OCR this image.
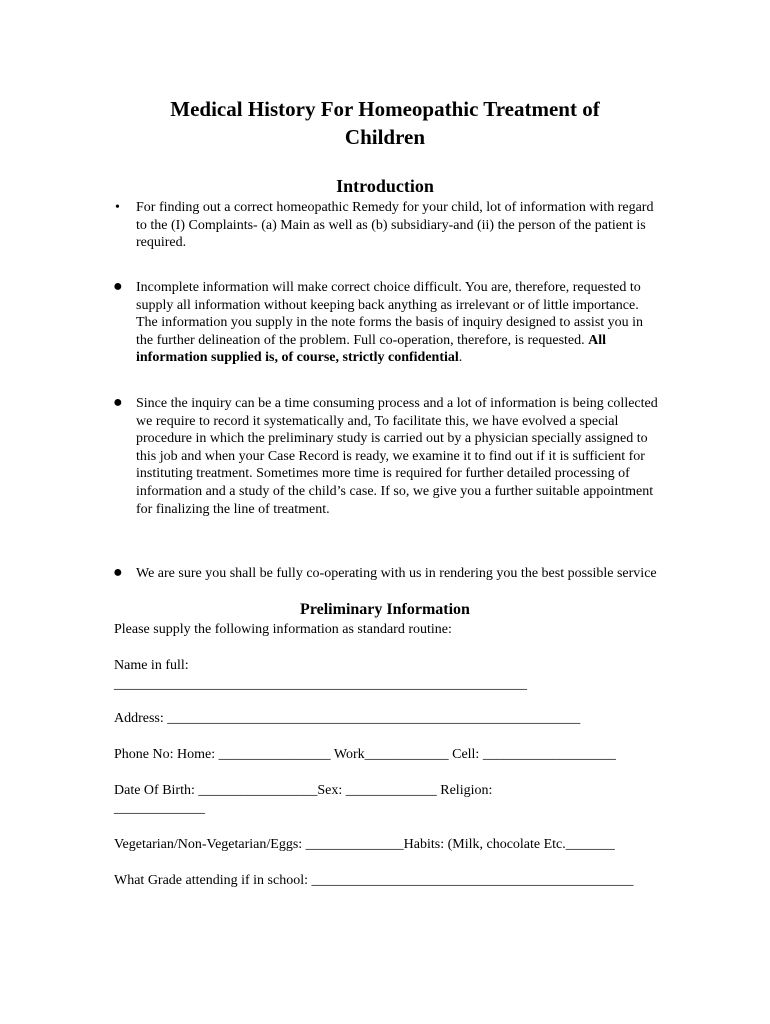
Medical History For Homeopathic Treatment of
Children
Introduction
• For finding out a correct homeopathic Remedy for your child, lot of information with regard to the (I) Complaints- (a) Main as well as (b) subsidiary-and (ii) the person of the patient is required.
● Incomplete information will make correct choice difficult. You are, therefore, requested to supply all information without keeping back anything as irrelevant or of little importance. The information you supply in the note forms the basis of inquiry designed to assist you in the further delineation of the problem. Full co-operation, therefore, is requested. All information supplied is, of course, strictly confidential.
● Since the inquiry can be a time consuming process and a lot of information is being collected we require to record it systematically and, To facilitate this, we have evolved a special procedure in which the preliminary study is carried out by a physician specially assigned to this job and when your Case Record is ready, we examine it to find out if it is sufficient for instituting treatment. Sometimes more time is required for further detailed processing of information and a study of the child’s case. If so, we give you a further suitable appointment for finalizing the line of treatment.
● We are sure you shall be fully co-operating with us in rendering you the best possible service
Preliminary Information
Please supply the following information as standard routine:
Name in full:
___________________________________________________________
Address: ___________________________________________________________
Phone No: Home: ________________ Work____________ Cell: ___________________
Date Of Birth: _________________Sex: _____________ Religion:
_____________
Vegetarian/Non-Vegetarian/Eggs: ______________Habits: (Milk, chocolate Etc._______
What Grade attending if in school: ______________________________________________
